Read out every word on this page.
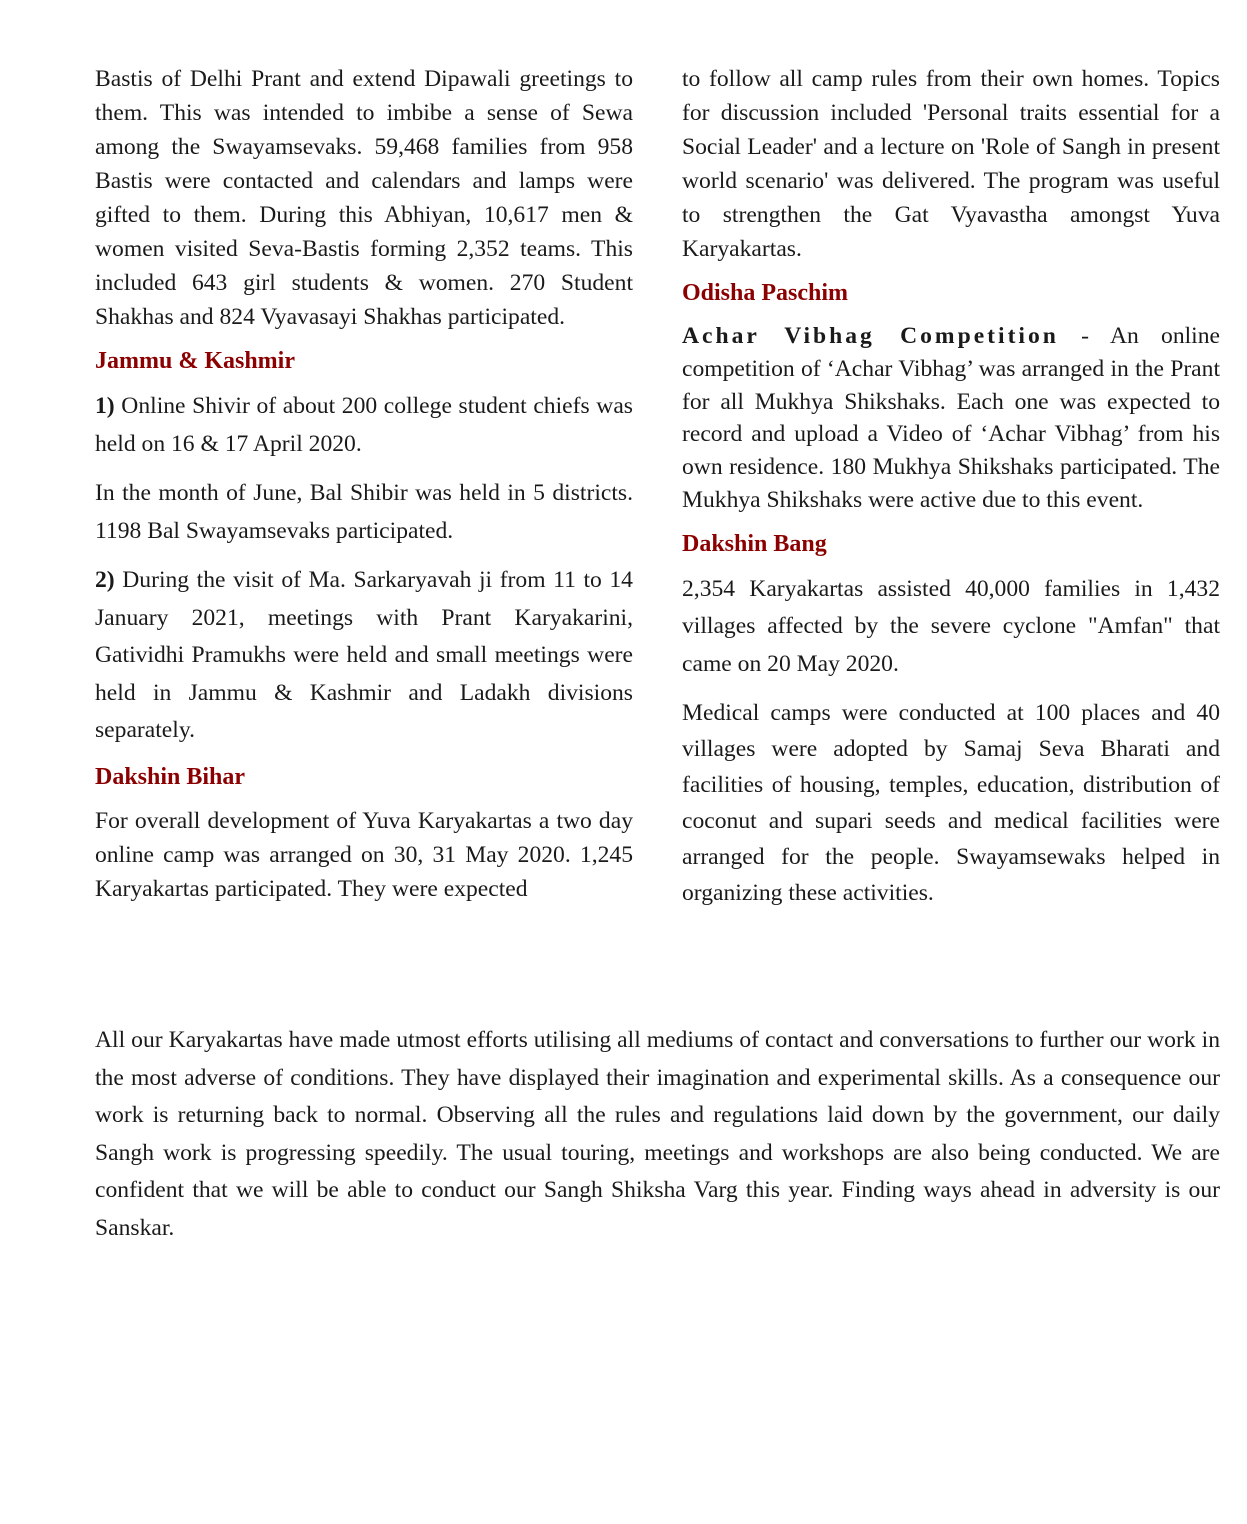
Bastis of Delhi Prant and extend Dipawali greetings to them. This was intended to imbibe a sense of Sewa among the Swayamsevaks. 59,468 families from 958 Bastis were contacted and calendars and lamps were gifted to them. During this Abhiyan, 10,617 men & women visited Seva-Bastis forming 2,352 teams. This included 643 girl students & women. 270 Student Shakhas and 824 Vyavasayi Shakhas participated.

Jammu & Kashmir

1) Online Shivir of about 200 college student chiefs was held on 16 & 17 April 2020.

In the month of June, Bal Shibir was held in 5 districts. 1198 Bal Swayamsevaks participated.

2) During the visit of Ma. Sarkaryavah ji from 11 to 14 January 2021, meetings with Prant Karyakarini, Gatividhi Pramukhs were held and small meetings were held in Jammu & Kashmir and Ladakh divisions separately.

Dakshin Bihar

For overall development of Yuva Karyakartas a two day online camp was arranged on 30, 31 May 2020. 1,245 Karyakartas participated. They were expected

to follow all camp rules from their own homes. Topics for discussion included 'Personal traits essential for a Social Leader' and a lecture on 'Role of Sangh in present world scenario' was delivered. The program was useful to strengthen the Gat Vyavastha amongst Yuva Karyakartas.

Odisha Paschim

Achar Vibhag Competition - An online competition of ‘Achar Vibhag’ was arranged in the Prant for all Mukhya Shikshaks. Each one was expected to record and upload a Video of ‘Achar Vibhag’ from his own residence. 180 Mukhya Shikshaks participated. The Mukhya Shikshaks were active due to this event.

Dakshin Bang

2,354 Karyakartas assisted 40,000 families in 1,432 villages affected by the severe cyclone "Amfan" that came on 20 May 2020.

Medical camps were conducted at 100 places and 40 villages were adopted by Samaj Seva Bharati and facilities of housing, temples, education, distribution of coconut and supari seeds and medical facilities were arranged for the people. Swayamsewaks helped in organizing these activities.

All our Karyakartas have made utmost efforts utilising all mediums of contact and conversations to further our work in the most adverse of conditions. They have displayed their imagination and experimental skills. As a consequence our work is returning back to normal. Observing all the rules and regulations laid down by the government, our daily Sangh work is progressing speedily. The usual touring, meetings and workshops are also being conducted. We are confident that we will be able to conduct our Sangh Shiksha Varg this year. Finding ways ahead in adversity is our Sanskar.
